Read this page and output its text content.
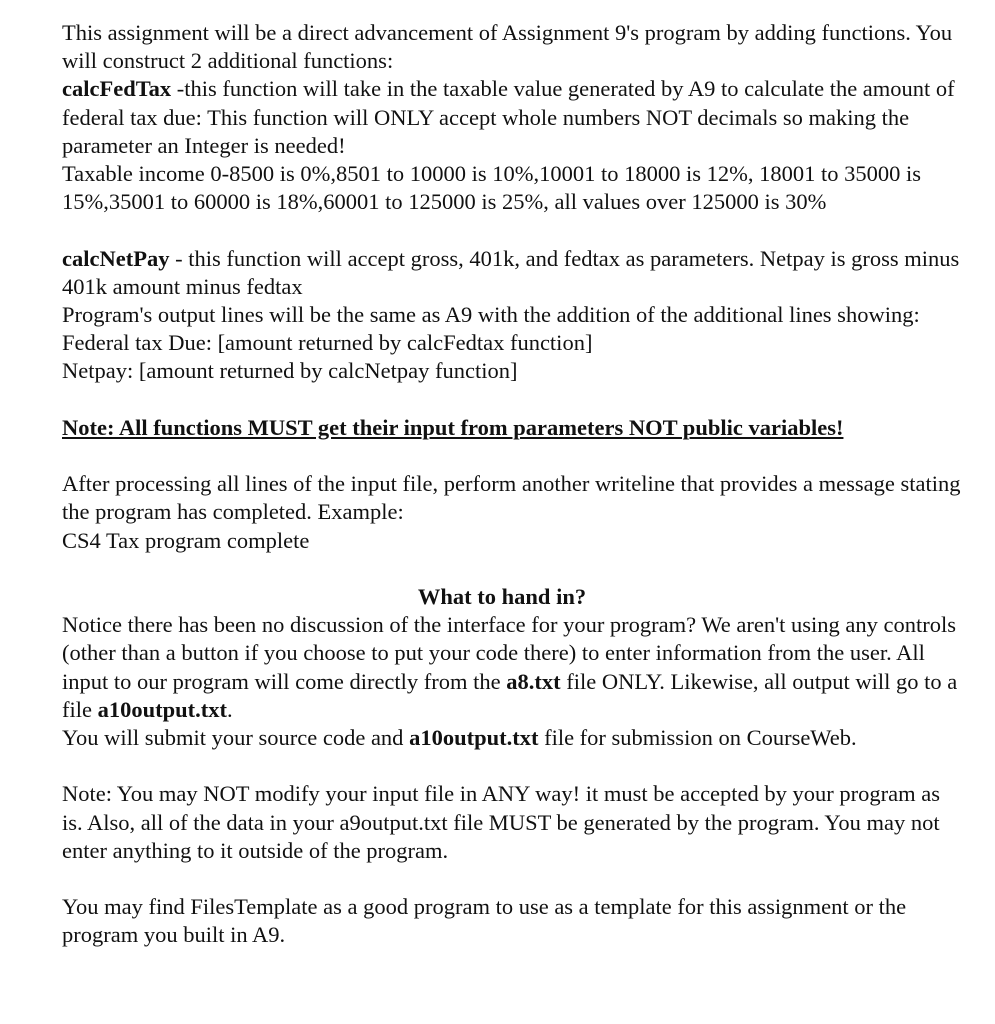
This assignment will be a direct advancement of Assignment 9's program by adding functions. You will construct 2 additional functions:

calcFedTax -this function will take in the taxable value generated by A9 to calculate the amount of federal tax due: This function will ONLY accept whole numbers NOT decimals so making the parameter an Integer is needed!

Taxable income 0-8500 is 0%,8501 to 10000 is 10%,10001 to 18000 is 12%, 18001 to 35000 is 15%,35001 to 60000 is 18%,60001 to 125000 is 25%, all values over 125000 is 30%

calcNetPay - this function will accept gross, 401k, and fedtax as parameters. Netpay is gross minus 401k amount minus fedtax

Program's output lines will be the same as A9 with the addition of the additional lines showing:

Federal tax Due: [amount returned by calcFedtax function]

Netpay: [amount returned by calcNetpay function]

Note: All functions MUST get their input from parameters NOT public variables!

After processing all lines of the input file, perform another writeline that provides a message stating the program has completed. Example:

CS4 Tax program complete

What to hand in?

Notice there has been no discussion of the interface for your program? We aren't using any controls (other than a button if you choose to put your code there) to enter information from the user. All input to our program will come directly from the a8.txt file ONLY. Likewise, all output will go to a file a10output.txt.

You will submit your source code and a10output.txt file for submission on CourseWeb.

Note: You may NOT modify your input file in ANY way! it must be accepted by your program as is. Also, all of the data in your a9output.txt file MUST be generated by the program. You may not enter anything to it outside of the program.

You may find FilesTemplate as a good program to use as a template for this assignment or the program you built in A9.
